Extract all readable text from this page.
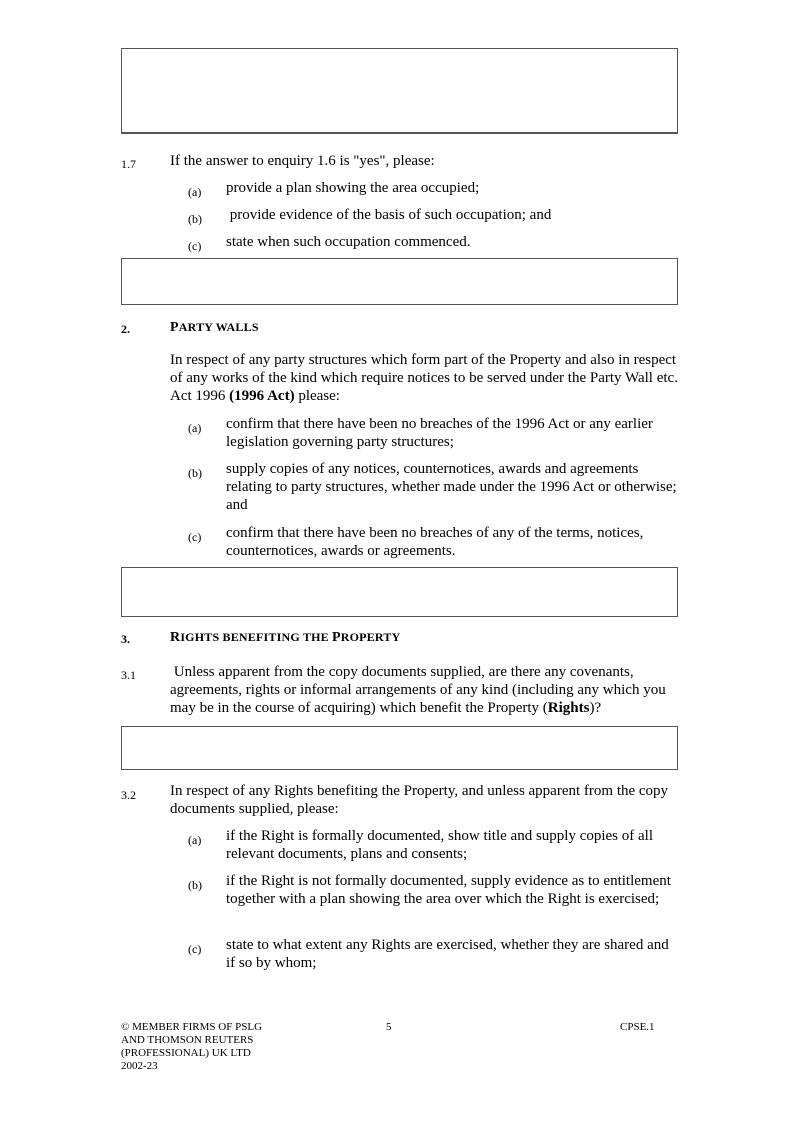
1.7 If the answer to enquiry 1.6 is "yes", please:
(a) provide a plan showing the area occupied;
(b) provide evidence of the basis of such occupation; and
(c) state when such occupation commenced.
2.	PARTY WALLS
In respect of any party structures which form part of the Property and also in respect of any works of the kind which require notices to be served under the Party Wall etc. Act 1996 (1996 Act) please:
(a) confirm that there have been no breaches of the 1996 Act or any earlier legislation governing party structures;
(b) supply copies of any notices, counternotices, awards and agreements relating to party structures, whether made under the 1996 Act or otherwise; and
(c) confirm that there have been no breaches of any of the terms, notices, counternotices, awards or agreements.
3.	RIGHTS BENEFITING THE PROPERTY
3.1 Unless apparent from the copy documents supplied, are there any covenants, agreements, rights or informal arrangements of any kind (including any which you may be in the course of acquiring) which benefit the Property (Rights)?
3.2 In respect of any Rights benefiting the Property, and unless apparent from the copy documents supplied, please:
(a) if the Right is formally documented, show title and supply copies of all relevant documents, plans and consents;
(b) if the Right is not formally documented, supply evidence as to entitlement together with a plan showing the area over which the Right is exercised;
(c) state to what extent any Rights are exercised, whether they are shared and if so by whom;
© MEMBER FIRMS OF PSLG
AND THOMSON REUTERS
(PROFESSIONAL) UK LTD
2002-23
5	CPSE.1
